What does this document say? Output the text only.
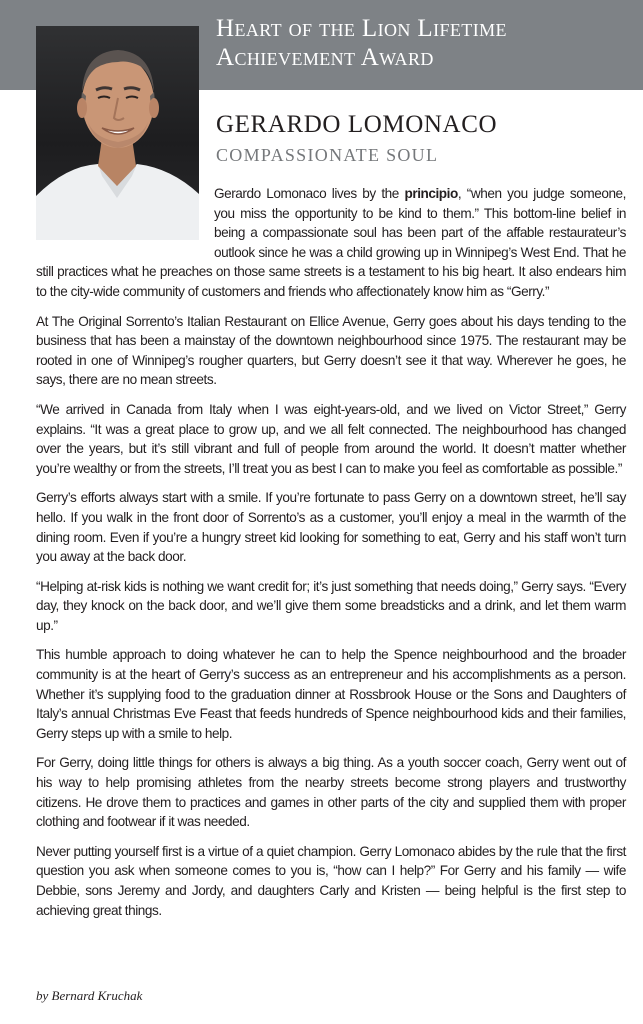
Heart of the Lion Lifetime Achievement Award
GERARDO LOMONACO
COMPASSIONATE SOUL

Gerardo Lomonaco lives by the principio, “when you judge someone, you miss the opportunity to be kind to them.” This bottom-line belief in being a compassionate soul has been part of the affable restaurateur’s outlook since he was a child growing up in Winnipeg’s West End. That he still practices what he preaches on those same streets is a testament to his big heart. It also endears him to the city-wide community of customers and friends who affectionately know him as “Gerry.”

At The Original Sorrento’s Italian Restaurant on Ellice Avenue, Gerry goes about his days tending to the business that has been a mainstay of the downtown neighbourhood since 1975. The restaurant may be rooted in one of Winnipeg’s rougher quarters, but Gerry doesn’t see it that way. Wherever he goes, he says, there are no mean streets.

“We arrived in Canada from Italy when I was eight-years-old, and we lived on Victor Street,” Gerry explains. “It was a great place to grow up, and we all felt connected. The neighbourhood has changed over the years, but it’s still vibrant and full of people from around the world. It doesn’t matter whether you’re wealthy or from the streets, I’ll treat you as best I can to make you feel as comfortable as possible.”

Gerry’s efforts always start with a smile. If you’re fortunate to pass Gerry on a downtown street, he’ll say hello. If you walk in the front door of Sorrento’s as a customer, you’ll enjoy a meal in the warmth of the dining room. Even if you’re a hungry street kid looking for something to eat, Gerry and his staff won’t turn you away at the back door.

“Helping at-risk kids is nothing we want credit for; it’s just something that needs doing,” Gerry says. “Every day, they knock on the back door, and we’ll give them some breadsticks and a drink, and let them warm up.”

This humble approach to doing whatever he can to help the Spence neighbourhood and the broader community is at the heart of Gerry’s success as an entrepreneur and his accomplishments as a person. Whether it’s supplying food to the graduation dinner at Rossbrook House or the Sons and Daughters of Italy’s annual Christmas Eve Feast that feeds hundreds of Spence neighbourhood kids and their families, Gerry steps up with a smile to help.

For Gerry, doing little things for others is always a big thing. As a youth soccer coach, Gerry went out of his way to help promising athletes from the nearby streets become strong players and trustworthy citizens. He drove them to practices and games in other parts of the city and supplied them with proper clothing and footwear if it was needed.

Never putting yourself first is a virtue of a quiet champion. Gerry Lomonaco abides by the rule that the first question you ask when someone comes to you is, “how can I help?” For Gerry and his family — wife Debbie, sons Jeremy and Jordy, and daughters Carly and Kristen — being helpful is the first step to achieving great things.

by Bernard Kruchak
